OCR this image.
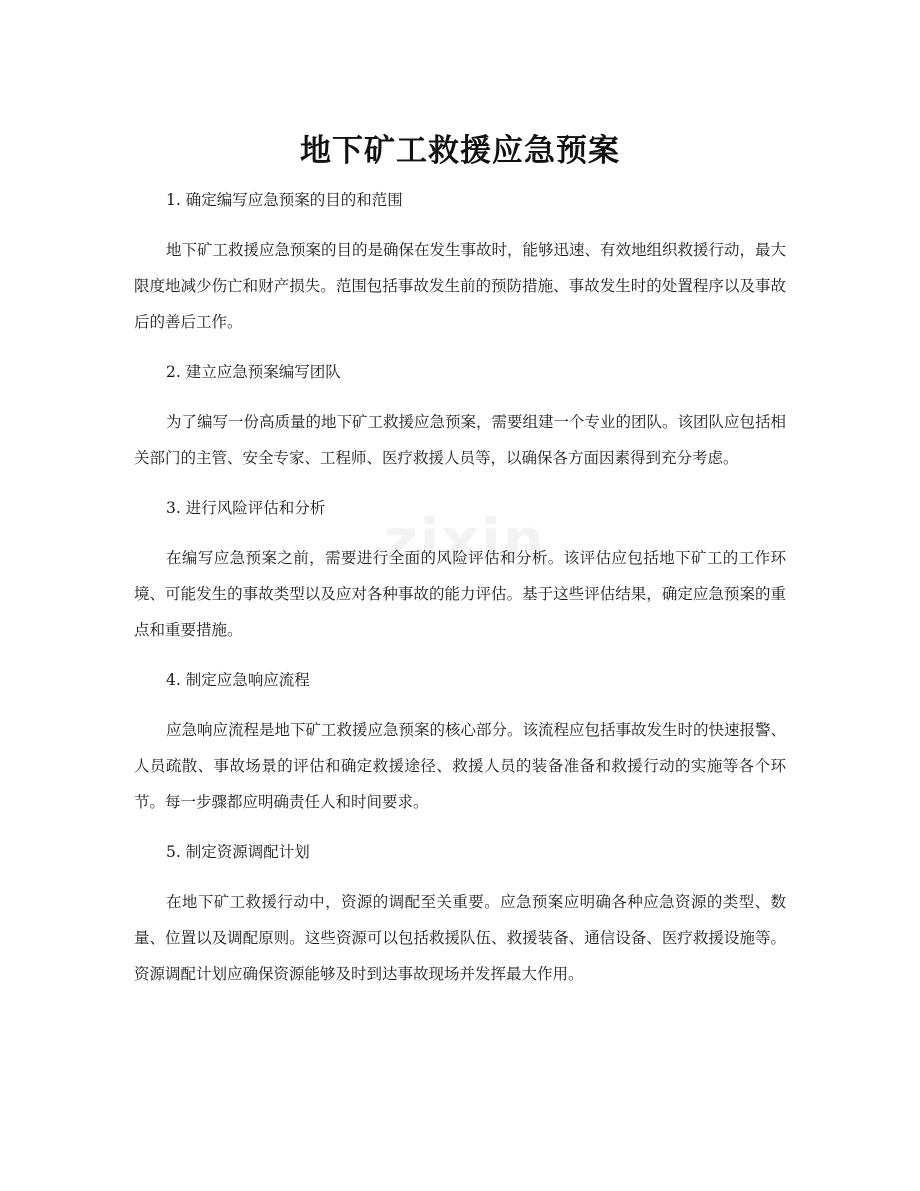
zixin
地下矿工救援应急预案

1. 确定编写应急预案的目的和范围

地下矿工救援应急预案的目的是确保在发生事故时，能够迅速、有效地组织救援行动，最大限度地减少伤亡和财产损失。范围包括事故发生前的预防措施、事故发生时的处置程序以及事故后的善后工作。

2. 建立应急预案编写团队

为了编写一份高质量的地下矿工救援应急预案，需要组建一个专业的团队。该团队应包括相关部门的主管、安全专家、工程师、医疗救援人员等，以确保各方面因素得到充分考虑。

3. 进行风险评估和分析

在编写应急预案之前，需要进行全面的风险评估和分析。该评估应包括地下矿工的工作环境、可能发生的事故类型以及应对各种事故的能力评估。基于这些评估结果，确定应急预案的重点和重要措施。

4. 制定应急响应流程

应急响应流程是地下矿工救援应急预案的核心部分。该流程应包括事故发生时的快速报警、人员疏散、事故场景的评估和确定救援途径、救援人员的装备准备和救援行动的实施等各个环节。每一步骤都应明确责任人和时间要求。

5. 制定资源调配计划

在地下矿工救援行动中，资源的调配至关重要。应急预案应明确各种应急资源的类型、数量、位置以及调配原则。这些资源可以包括救援队伍、救援装备、通信设备、医疗救援设施等。资源调配计划应确保资源能够及时到达事故现场并发挥最大作用。
